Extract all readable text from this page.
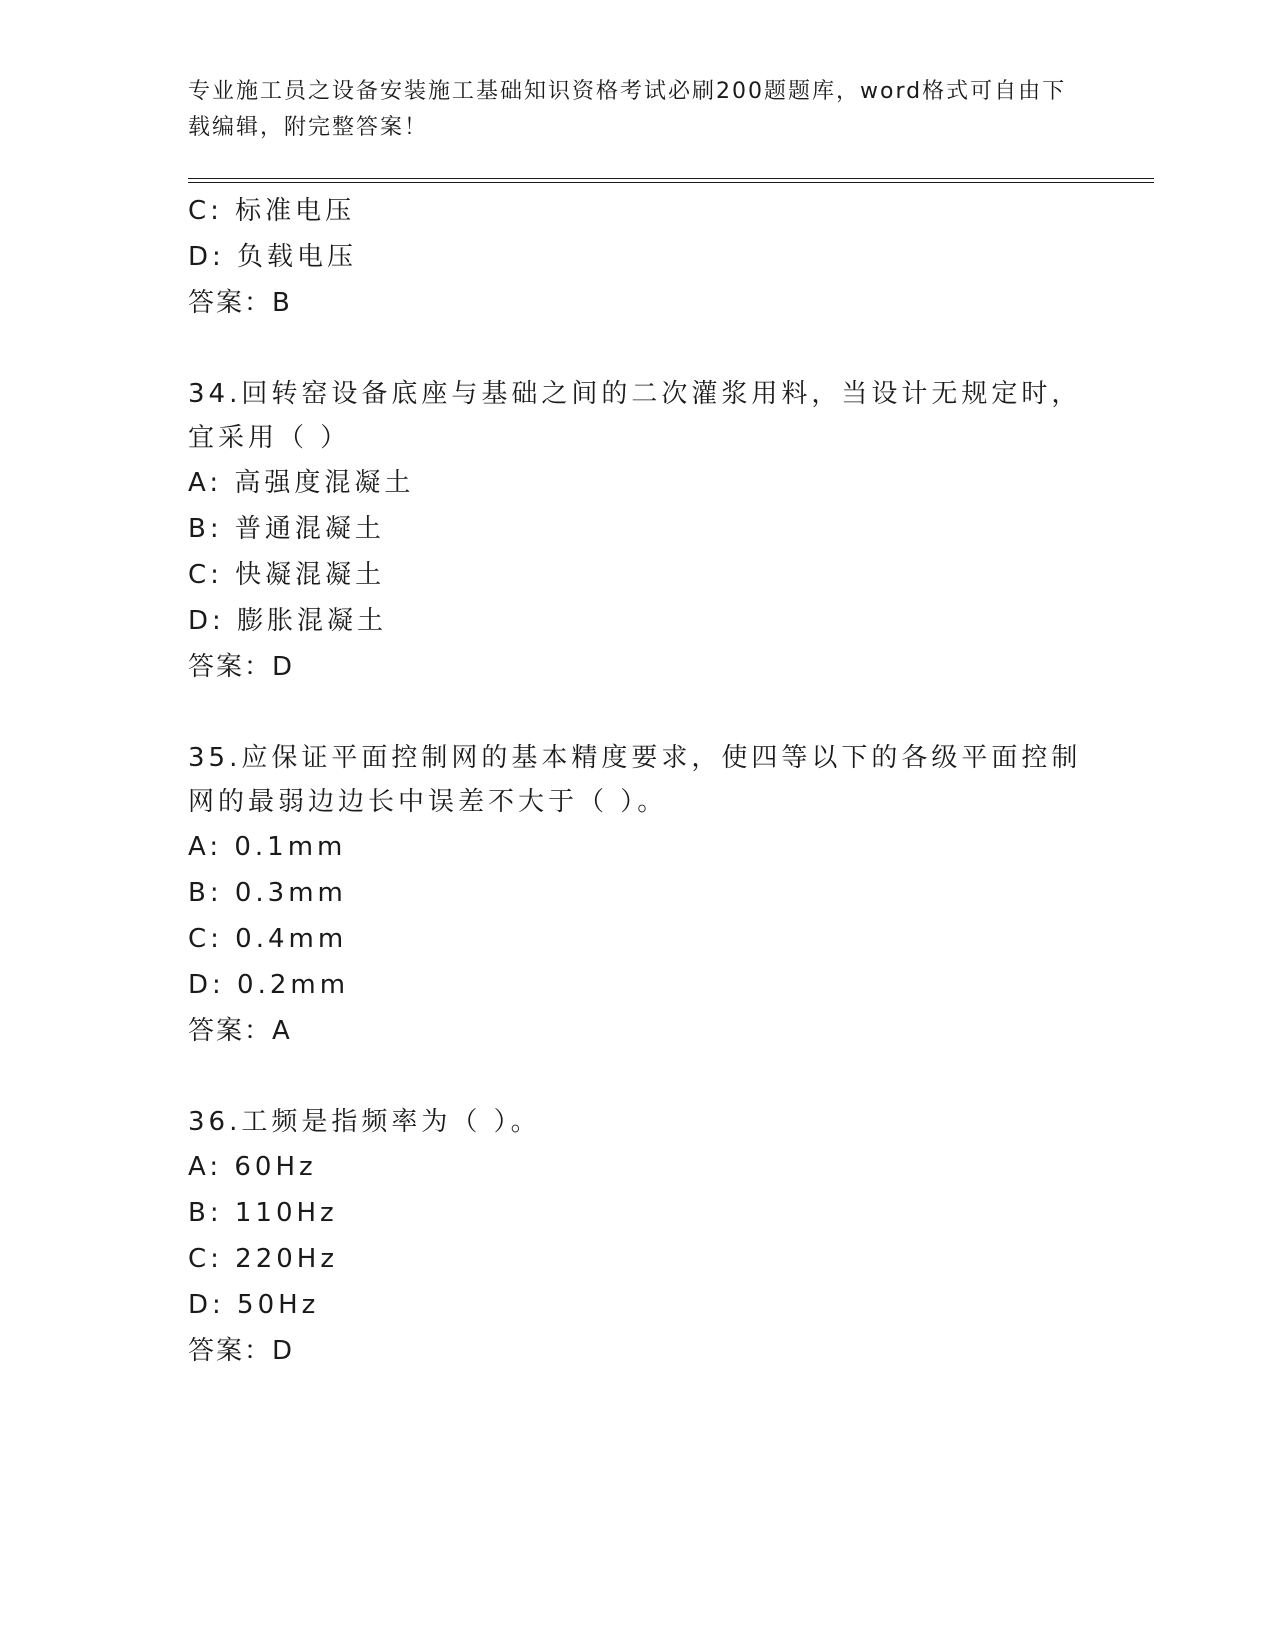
专业施工员之设备安装施工基础知识资格考试必刷200题题库，word格式可自由下载编辑，附完整答案！
C: 标准电压
D: 负载电压
答案：B
34.回转窑设备底座与基础之间的二次灌浆用料，当设计无规定时，宜采用（ ）
A: 高强度混凝土
B: 普通混凝土
C: 快凝混凝土
D: 膨胀混凝土
答案：D
35.应保证平面控制网的基本精度要求，使四等以下的各级平面控制网的最弱边边长中误差不大于（ ）。
A: 0.1mm
B: 0.3mm
C: 0.4mm
D: 0.2mm
答案：A
36.工频是指频率为（ ）。
A: 60Hz
B: 110Hz
C: 220Hz
D: 50Hz
答案：D
